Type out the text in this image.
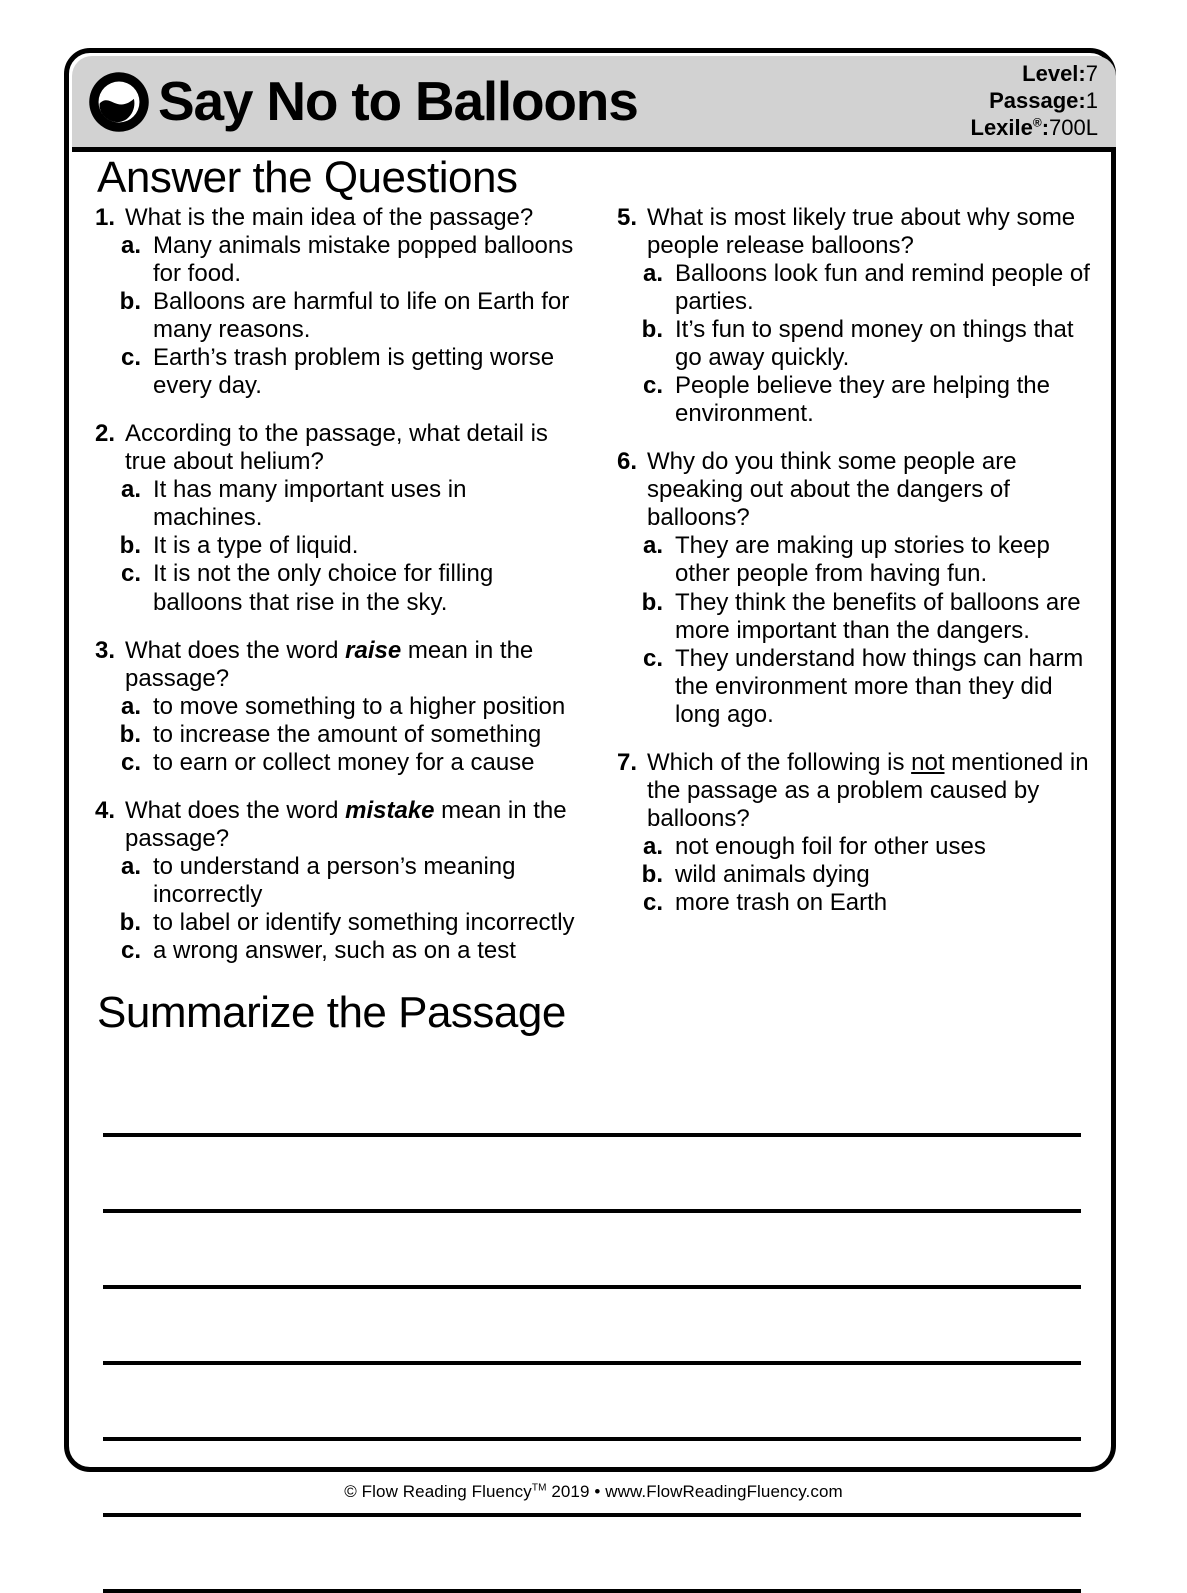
Say No to Balloons	Level:7
Passage:1
Lexile®:700L
Answer the Questions
1. What is the main idea of the passage?
a. Many animals mistake popped balloons for food.
b. Balloons are harmful to life on Earth for many reasons.
c. Earth’s trash problem is getting worse every day.
2. According to the passage, what detail is true about helium?
a. It has many important uses in machines.
b. It is a type of liquid.
c. It is not the only choice for filling balloons that rise in the sky.
3. What does the word raise mean in the passage?
a. to move something to a higher position
b. to increase the amount of something
c. to earn or collect money for a cause
4. What does the word mistake mean in the passage?
a. to understand a person’s meaning incorrectly
b. to label or identify something incorrectly
c. a wrong answer, such as on a test
5. What is most likely true about why some people release balloons?
a. Balloons look fun and remind people of parties.
b. It’s fun to spend money on things that go away quickly.
c. People believe they are helping the environment.
6. Why do you think some people are speaking out about the dangers of balloons?
a. They are making up stories to keep other people from having fun.
b. They think the benefits of balloons are more important than the dangers.
c. They understand how things can harm the environment more than they did long ago.
7. Which of the following is not mentioned in the passage as a problem caused by balloons?
a. not enough foil for other uses
b. wild animals dying
c. more trash on Earth
Summarize the Passage
© Flow Reading Fluency™ 2019 • www.FlowReadingFluency.com
